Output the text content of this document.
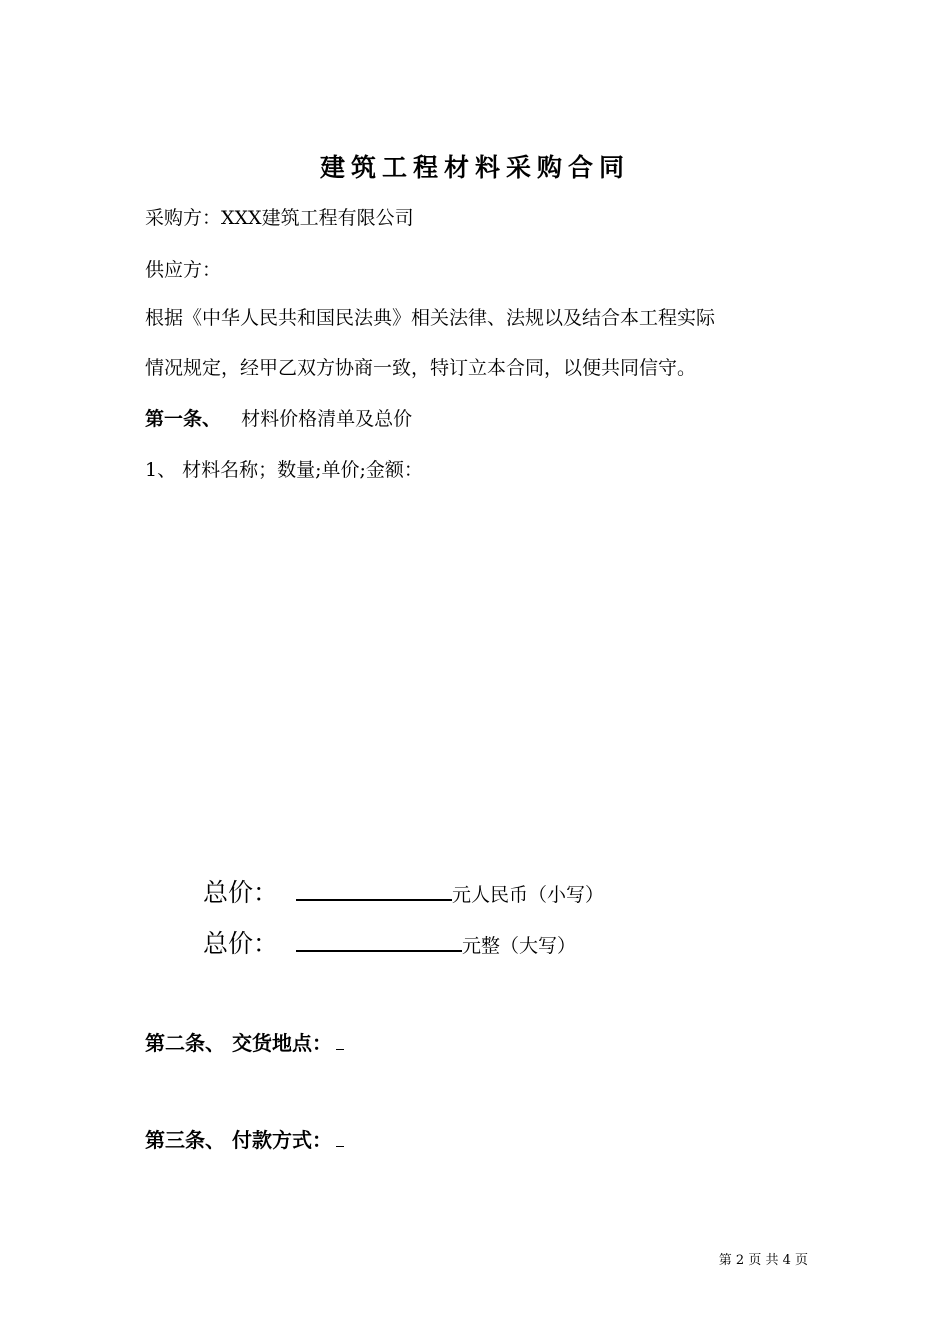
建筑工程材料采购合同
采购方：XXX建筑工程有限公司
供应方：
根据《中华人民共和国民法典》相关法律、法规以及结合本工程实际
情况规定，经甲乙双方协商一致，特订立本合同，以便共同信守。
第一条、 材料价格清单及总价
1、 材料名称；数量;单价;金额：
总价：	元人民币（小写）
总价：	元整（大写）
第二条、 交货地点：
第三条、 付款方式：
第 2 页 共 4 页
